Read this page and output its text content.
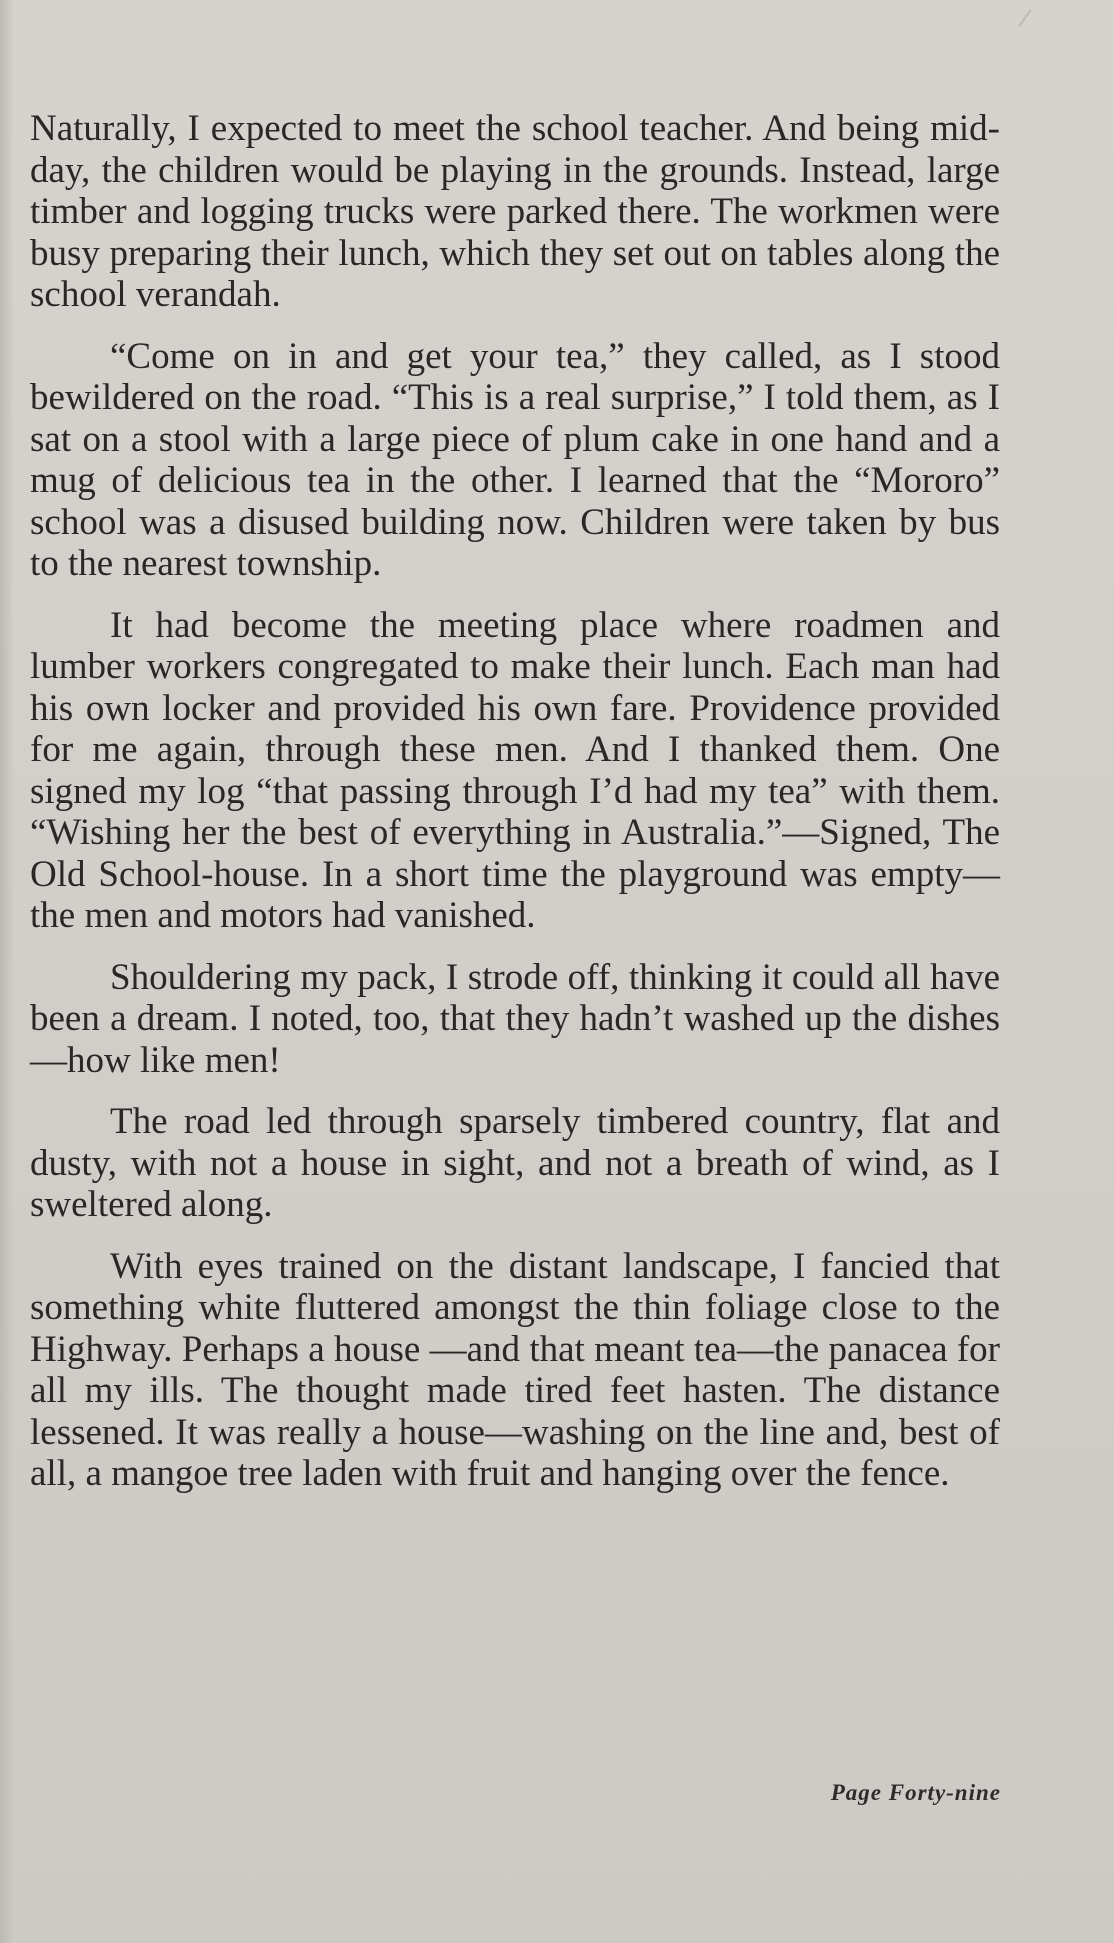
Naturally, I expected to meet the school teacher. And being mid-day, the children would be playing in the grounds. Instead, large timber and logging trucks were parked there. The workmen were busy preparing their lunch, which they set out on tables along the school verandah.

“Come on in and get your tea,” they called, as I stood bewildered on the road. “This is a real surprise,” I told them, as I sat on a stool with a large piece of plum cake in one hand and a mug of delicious tea in the other. I learned that the “Mororo” school was a disused building now. Children were taken by bus to the nearest township.

It had become the meeting place where roadmen and lumber workers congregated to make their lunch. Each man had his own locker and provided his own fare. Providence provided for me again, through these men. And I thanked them. One signed my log “that passing through I’d had my tea” with them. “Wishing her the best of everything in Australia.”—Signed, The Old School-house. In a short time the playground was empty—the men and motors had vanished.

Shouldering my pack, I strode off, thinking it could all have been a dream. I noted, too, that they hadn’t washed up the dishes—how like men!

The road led through sparsely timbered country, flat and dusty, with not a house in sight, and not a breath of wind, as I sweltered along.

With eyes trained on the distant landscape, I fancied that something white fluttered amongst the thin foliage close to the Highway. Perhaps a house —and that meant tea—the panacea for all my ills. The thought made tired feet hasten. The distance lessened. It was really a house—washing on the line and, best of all, a mangoe tree laden with fruit and hanging over the fence.

Page Forty-nine
